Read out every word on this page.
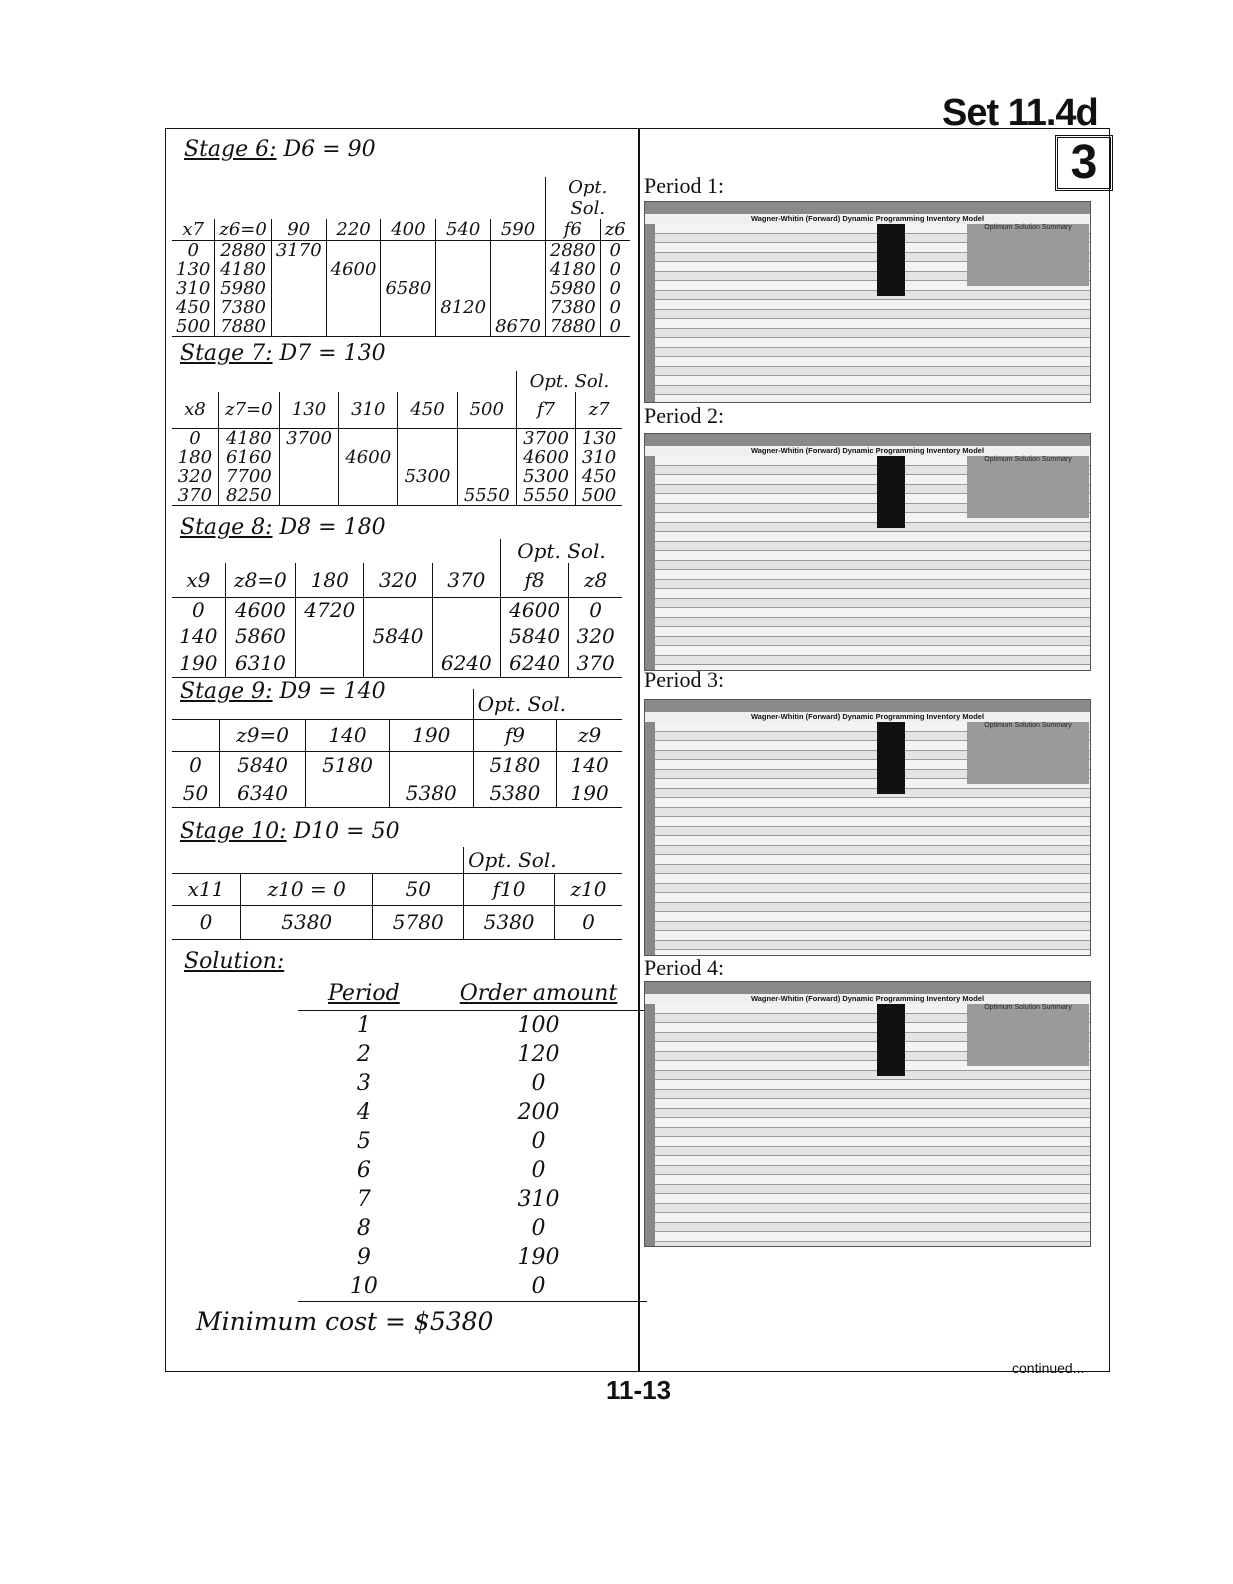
Set 11.4d
3
Stage 6: D6 = 90
							Opt. Sol.	
x7	z6=0	90	220	400	540	590	f6	z6
0	2880	3170					2880	0
130	4180		4600				4180	0
310	5980			6580			5980	0
450	7380				8120		7380	0
500	7880					8670	7880	0
Stage 7: D7 = 130
						Opt. Sol.	
x8	z7=0	130	310	450	500	f7	z7
0	4180	3700				3700	130
180	6160		4600			4600	310
320	7700			5300		5300	450
370	8250				5550	5550	500
Stage 8: D8 = 180
					Opt. Sol.	
x9	z8=0	180	320	370	f8	z8
0	4600	4720			4600	0
140	5860		5840		5840	320
190	6310			6240	6240	370
Stage 9: D9 = 140
				Opt. Sol.	
	z9=0	140	190	f9	z9
0	5840	5180		5180	140
50	6340		5380	5380	190
Stage 10: D10 = 50
			Opt. Sol.	
x11	z10 = 0	50	f10	z10
0	5380	5780	5380	0
Solution:
Period	Order amount
1	100
2	120
3	0
4	200
5	0
6	0
7	310
8	0
9	190
10	0
Minimum cost = $5380
Period 1:
Wagner-Whitin (Forward) Dynamic Programming Inventory Model
Optimum Solution Summary
Period 2:
Wagner-Whitin (Forward) Dynamic Programming Inventory Model
Optimum Solution Summary
Period 3:
Wagner-Whitin (Forward) Dynamic Programming Inventory Model
Optimum Solution Summary
Period 4:
Wagner-Whitin (Forward) Dynamic Programming Inventory Model
Optimum Solution Summary
continued...
11-13
